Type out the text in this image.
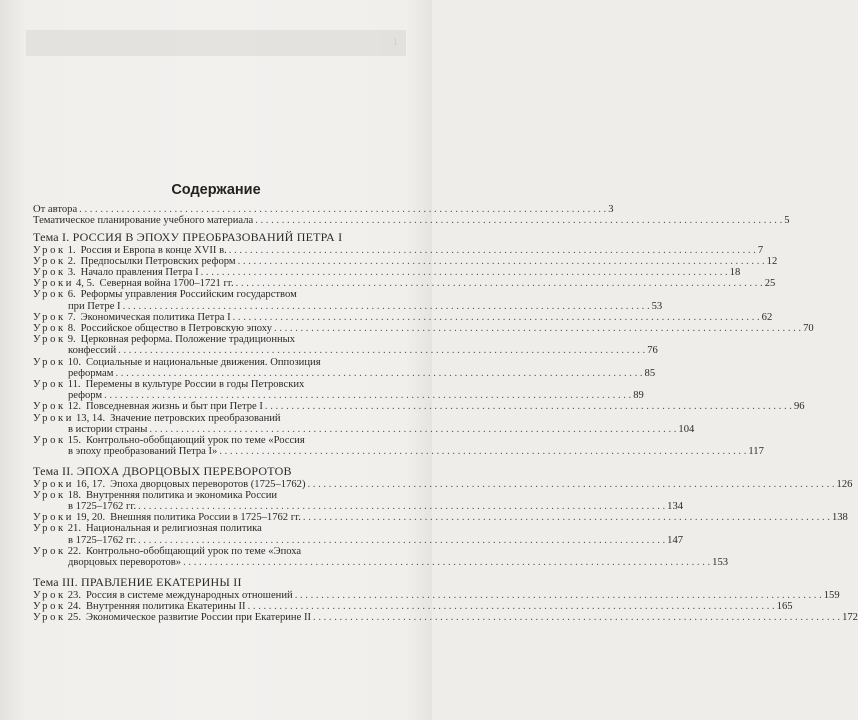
1
Содержание
От автора . . .	3
Тематическое планирование учебного материала . . .	5
Тема I. РОССИЯ В ЭПОХУ ПРЕОБРАЗОВАНИЙ ПЕТРА I
Урок 1. Россия и Европа в конце XVII в. . . .	7
Урок 2. Предпосылки Петровских реформ . . .	12
Урок 3. Начало правления Петра I . . .	18
Уроки 4, 5. Северная война 1700–1721 гг. . . .	25
Урок 6. Реформы управления Российским государством
при Петре I . . .	53
Урок 7. Экономическая политика Петра I . . .	62
Урок 8. Российское общество в Петровскую эпоху . . .	70
Урок 9. Церковная реформа. Положение традиционных
конфессий . . .	76
Урок 10. Социальные и национальные движения. Оппозиция
реформам . . .	85
Урок 11. Перемены в культуре России в годы Петровских
реформ . . .	89
Урок 12. Повседневная жизнь и быт при Петре I . . .	96
Уроки 13, 14. Значение петровских преобразований
в истории страны . . .	104
Урок 15. Контрольно-обобщающий урок по теме «Россия
в эпоху преобразований Петра I» . . .	117
Тема II. ЭПОХА ДВОРЦОВЫХ ПЕРЕВОРОТОВ
Уроки 16, 17. Эпоха дворцовых переворотов (1725–1762) . . .	126
Урок 18. Внутренняя политика и экономика России
в 1725–1762 гг. . . .	134
Уроки 19, 20. Внешняя политика России в 1725–1762 гг. . . .	138
Урок 21. Национальная и религиозная политика
в 1725–1762 гг. . . .	147
Урок 22. Контрольно-обобщающий урок по теме «Эпоха
дворцовых переворотов» . . .	153
Тема III. ПРАВЛЕНИЕ ЕКАТЕРИНЫ II
Урок 23. Россия в системе международных отношений . . .	159
Урок 24. Внутренняя политика Екатерины II . . .	165
Урок 25. Экономическое развитие России при Екатерине II . . .	172
